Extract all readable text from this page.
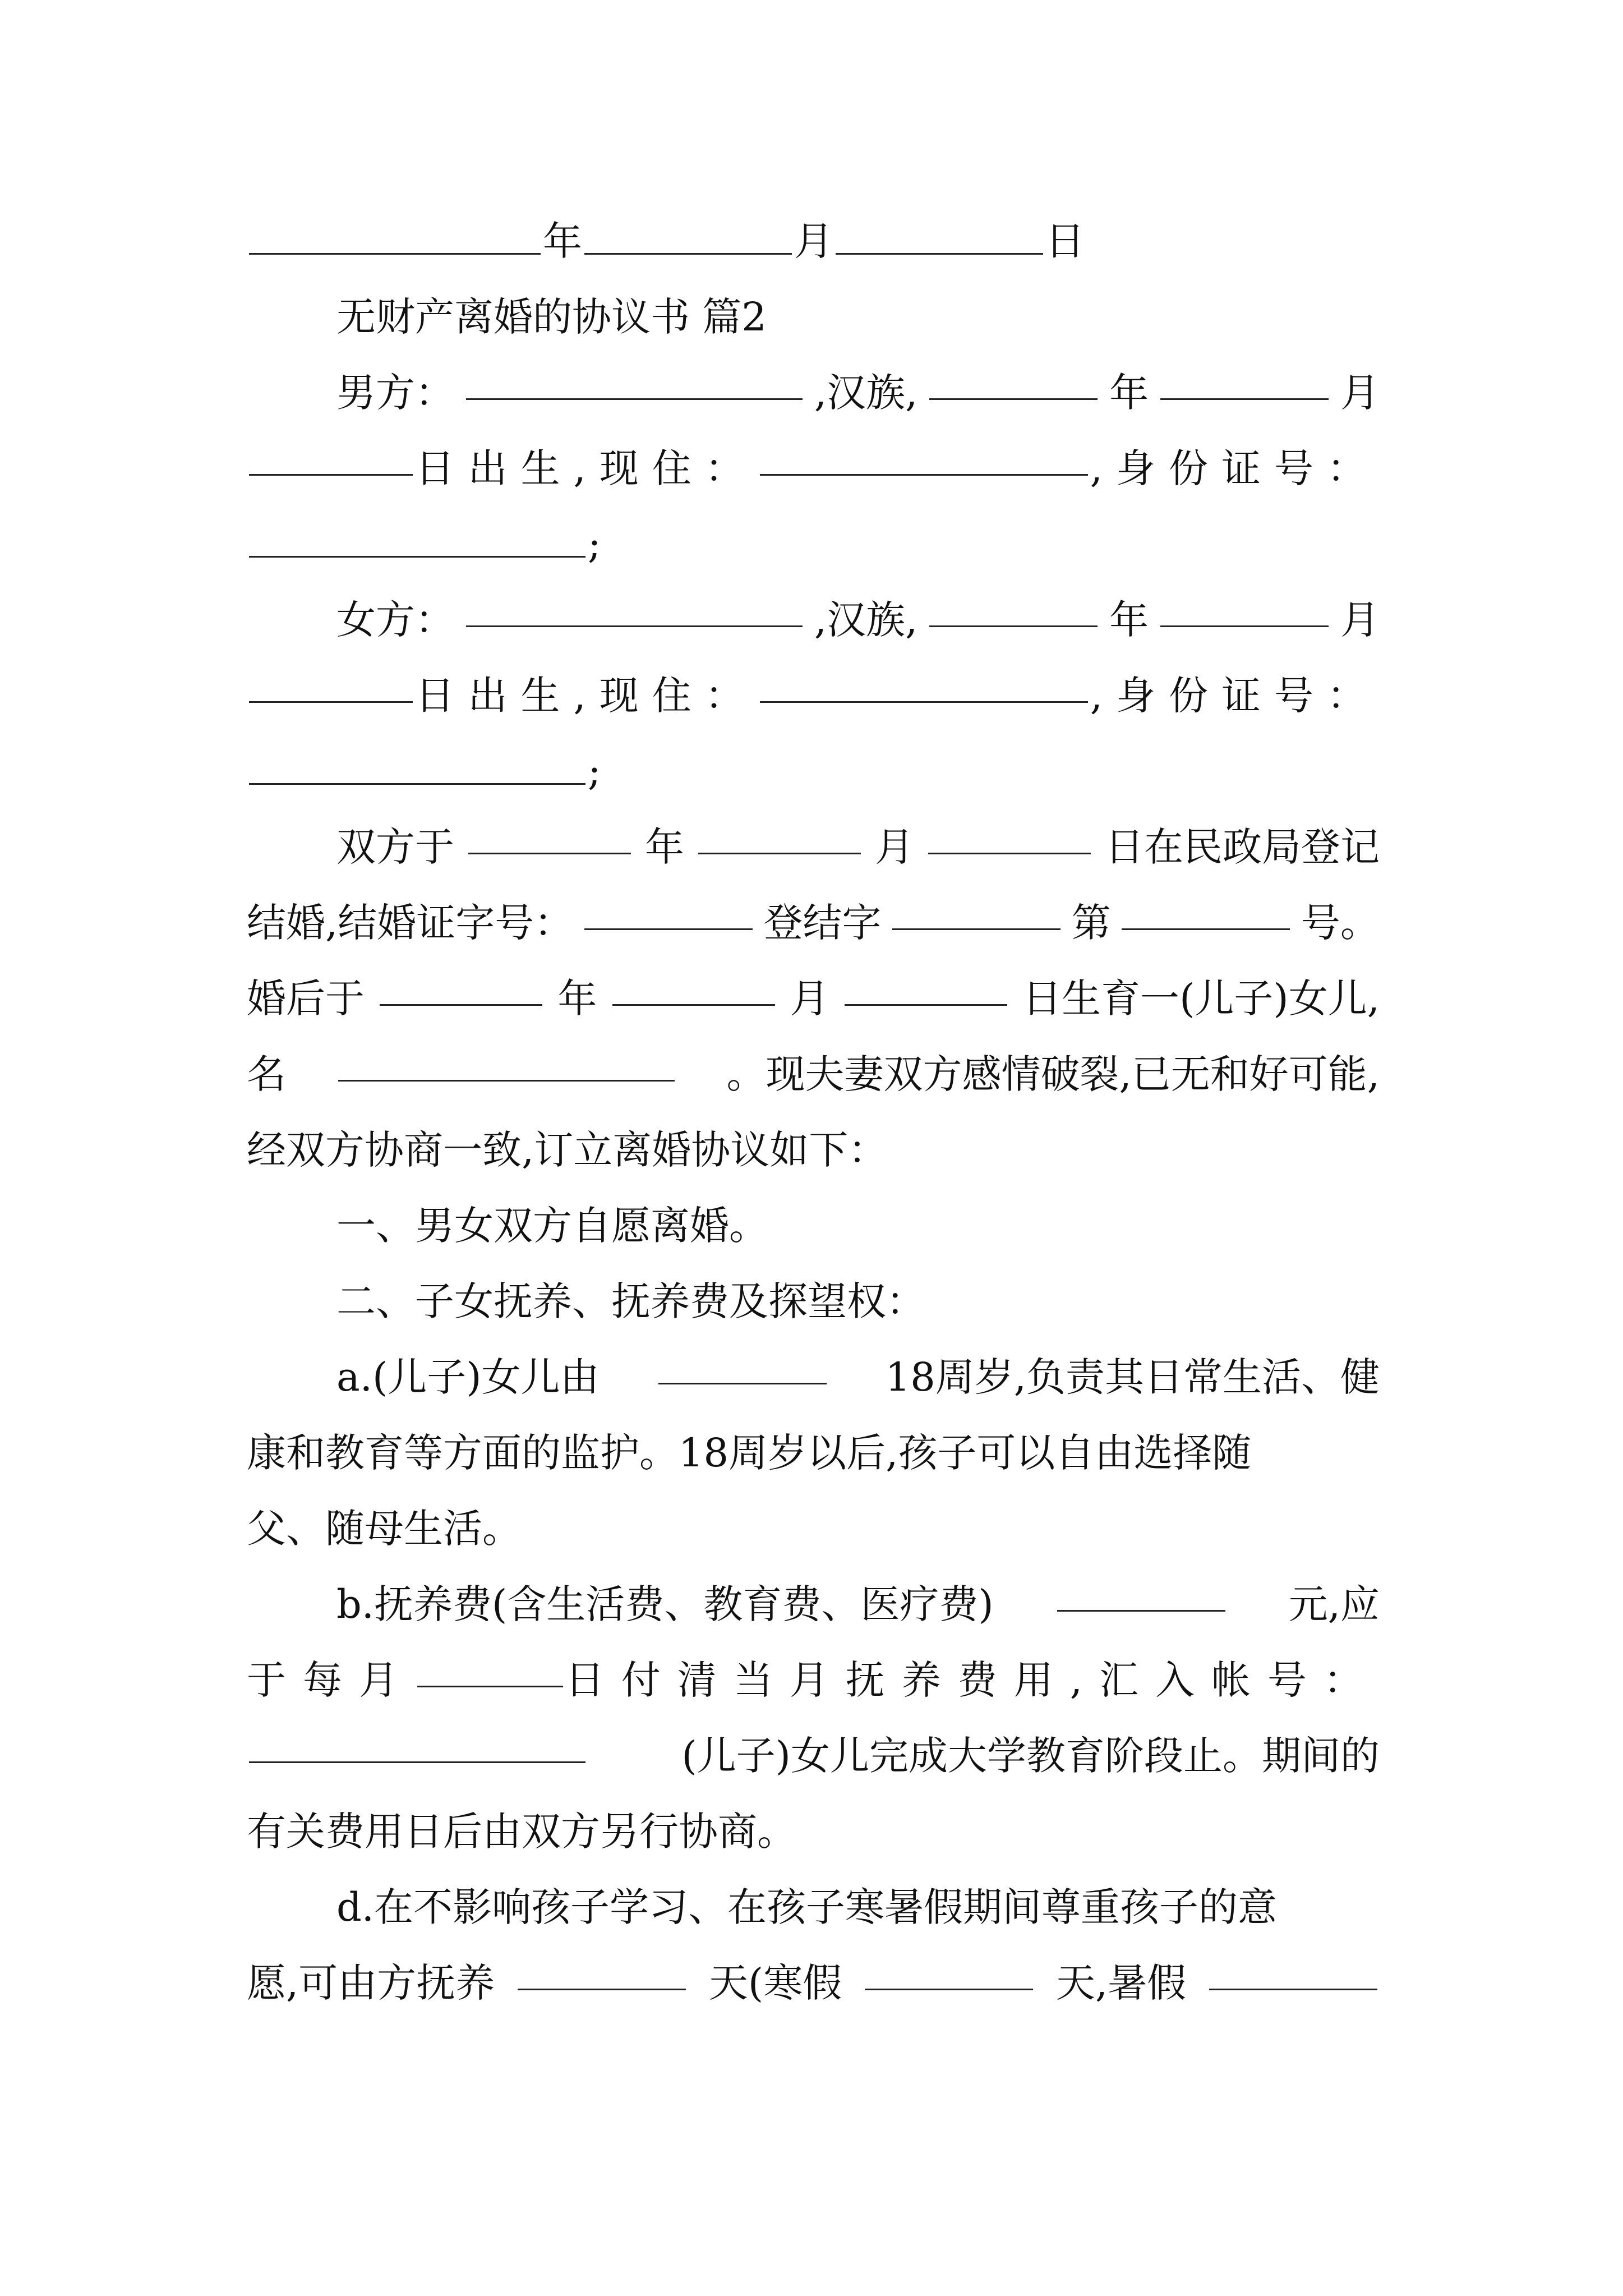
年	月	日
无财产离婚的协议书 篇2
男方：	,汉族,	年	月
日出生,现住：	,身份证号：
;
女方：	,汉族,	年	月
日出生,现住：	,身份证号：
;
双方于	年	月	日在民政局登记
结婚,结婚证字号：	登结字	第	号。
婚后于	年	月	日生育一(儿子)女儿,
名	。现夫妻双方感情破裂,已无和好可能,
经双方协商一致,订立离婚协议如下：
一、男女双方自愿离婚。
二、子女抚养、抚养费及探望权：
a.(儿子)女儿由	18周岁,负责其日常生活、健
康和教育等方面的监护。18周岁以后,孩子可以自由选择随
父、随母生活。
b.抚养费(含生活费、教育费、医疗费)	元,应
于每月	日付清当月抚养费用,汇入帐号：
(儿子)女儿完成大学教育阶段止。期间的
有关费用日后由双方另行协商。
d.在不影响孩子学习、在孩子寒暑假期间尊重孩子的意
愿,可由方抚养	天(寒假	天,暑假
